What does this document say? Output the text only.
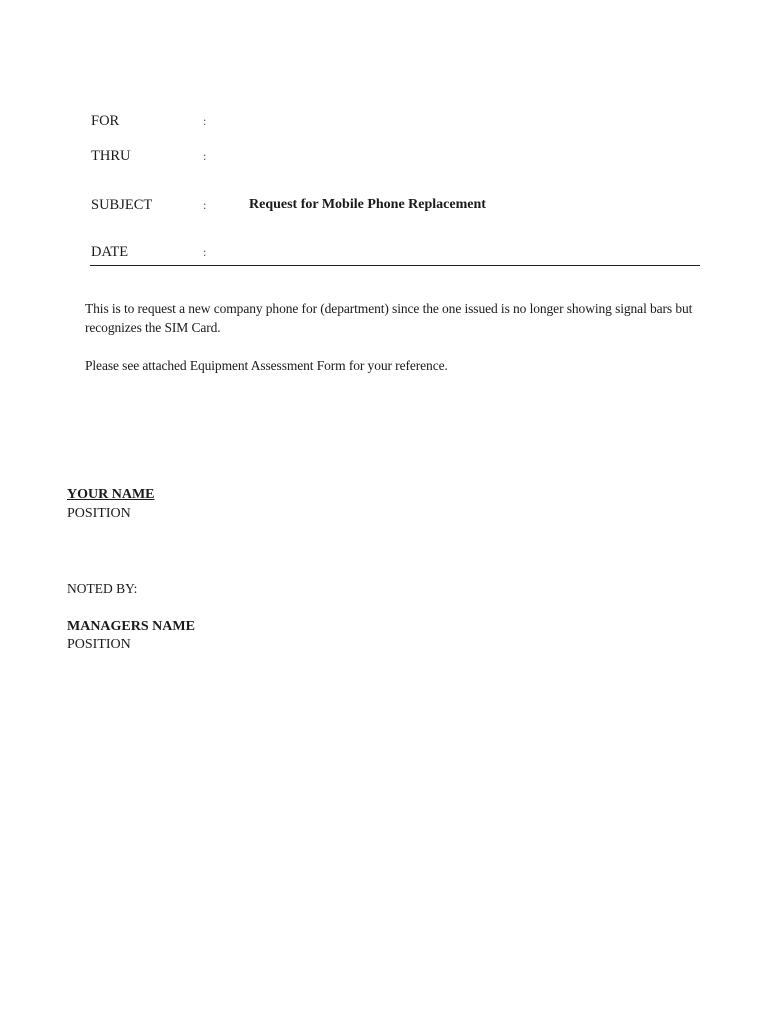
FOR	:
THRU	:
SUBJECT	:	Request for Mobile Phone Replacement
DATE	:
This is to request a new company phone for (department) since the one issued is no longer showing signal bars but recognizes the SIM Card.
Please see attached Equipment Assessment Form for your reference.
YOUR NAME
POSITION
NOTED BY:
MANAGERS NAME
POSITION
